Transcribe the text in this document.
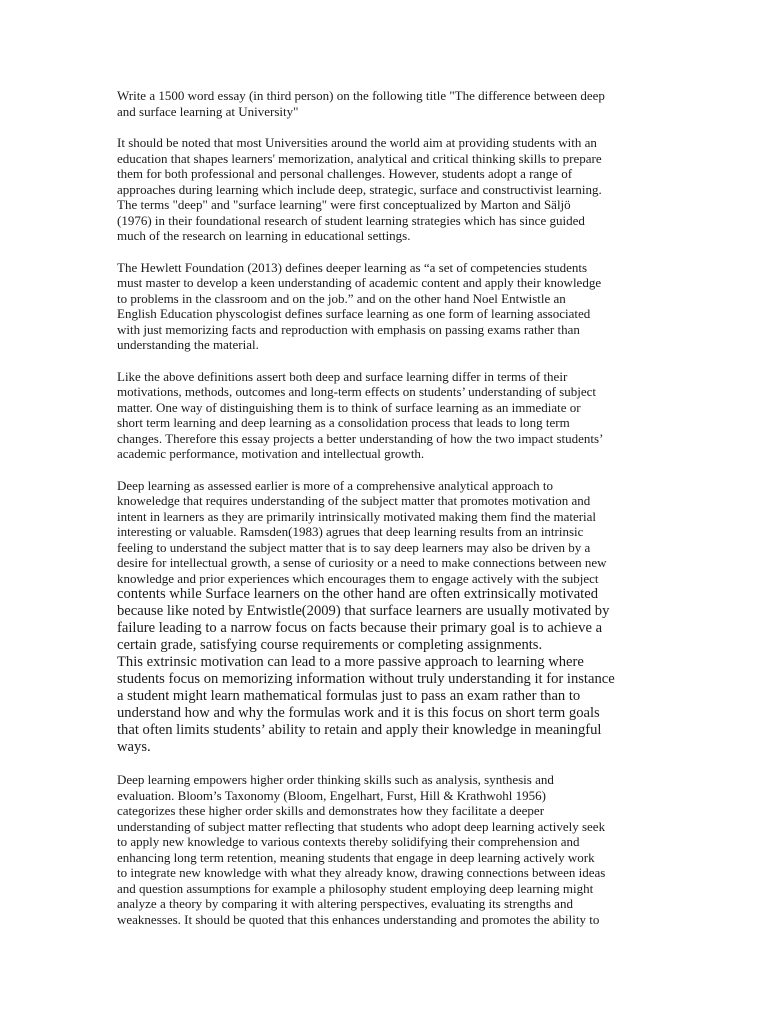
Write a 1500 word essay (in third person) on the following title "The difference between deep
and surface learning at University"
It should be noted that most Universities around the world aim at providing students with an
education that shapes learners' memorization, analytical and critical thinking skills to prepare
them for both professional and personal challenges. However, students adopt a range of
approaches during learning which include deep, strategic, surface and constructivist learning.
The terms "deep" and "surface learning" were first conceptualized by Marton and Säljö
(1976) in their foundational research of student learning strategies which has since guided
much of the research on learning in educational settings.
The Hewlett Foundation (2013) defines deeper learning as “a set of competencies students
must master to develop a keen understanding of academic content and apply their knowledge
to problems in the classroom and on the job.” and on the other hand Noel Entwistle an
English Education physcologist defines surface learning as one form of learning associated
with just memorizing facts and reproduction with emphasis on passing exams rather than
understanding the material.
Like the above definitions assert both deep and surface learning differ in terms of their
motivations, methods, outcomes and long-term effects on students’ understanding of subject
matter. One way of distinguishing them is to think of surface learning as an immediate or
short term learning and deep learning as a consolidation process that leads to long term
changes. Therefore this essay projects a better understanding of how the two impact students’
academic performance, motivation and intellectual growth.
Deep learning as assessed earlier is more of a comprehensive analytical approach to
knoweledge that requires understanding of the subject matter that promotes motivation and
intent in learners as they are primarily intrinsically motivated making them find the material
interesting or valuable. Ramsden(1983) agrues that deep learning results from an intrinsic
feeling to understand the subject matter that is to say deep learners may also be driven by a
desire for intellectual growth, a sense of curiosity or a need to make connections between new
knowledge and prior experiences which encourages them to engage actively with the subject
contents while Surface learners on the other hand are often extrinsically motivated
because like noted by Entwistle(2009) that surface learners are usually motivated by
failure leading to a narrow focus on facts because their primary goal is to achieve a
certain grade, satisfying course requirements or completing assignments.
This extrinsic motivation can lead to a more passive approach to learning where
students focus on memorizing information without truly understanding it for instance
a student might learn mathematical formulas just to pass an exam rather than to
understand how and why the formulas work and it is this focus on short term goals
that often limits students’ ability to retain and apply their knowledge in meaningful
ways.
Deep learning empowers higher order thinking skills such as analysis, synthesis and
evaluation. Bloom’s Taxonomy (Bloom, Engelhart, Furst, Hill & Krathwohl 1956)
categorizes these higher order skills and demonstrates how they facilitate a deeper
understanding of subject matter reflecting that students who adopt deep learning actively seek
to apply new knowledge to various contexts thereby solidifying their comprehension and
enhancing long term retention, meaning students that engage in deep learning actively work
to integrate new knowledge with what they already know, drawing connections between ideas
and question assumptions for example a philosophy student employing deep learning might
analyze a theory by comparing it with altering perspectives, evaluating its strengths and
weaknesses. It should be quoted that this enhances understanding and promotes the ability to
